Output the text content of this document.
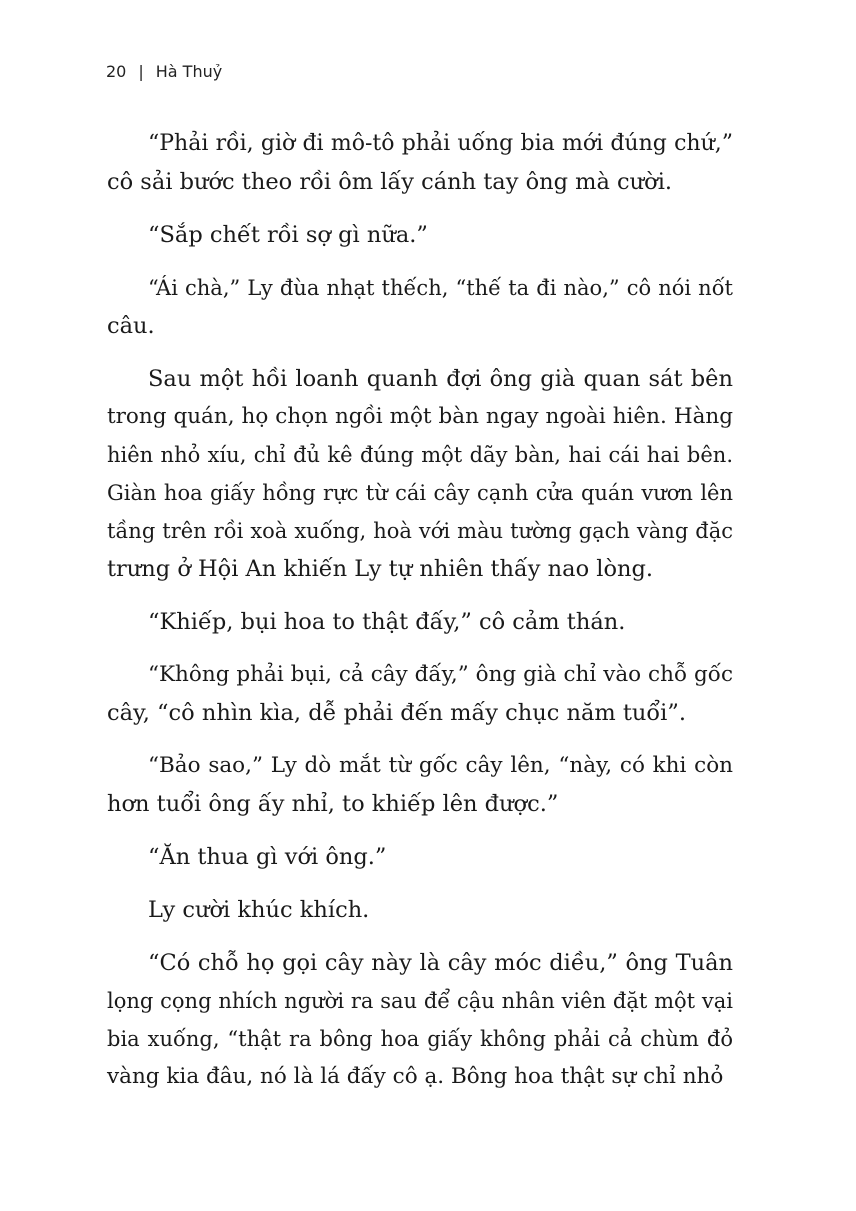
20 | Hà Thuỷ
“Phải rồi, giờ đi mô-tô phải uống bia mới đúng chứ,”
cô sải bước theo rồi ôm lấy cánh tay ông mà cười.
“Sắp chết rồi sợ gì nữa.”
“Ái chà,” Ly đùa nhạt thếch, “thế ta đi nào,” cô nói nốt
câu.
Sau một hồi loanh quanh đợi ông già quan sát bên
trong quán, họ chọn ngồi một bàn ngay ngoài hiên. Hàng
hiên nhỏ xíu, chỉ đủ kê đúng một dãy bàn, hai cái hai bên.
Giàn hoa giấy hồng rực từ cái cây cạnh cửa quán vươn lên
tầng trên rồi xoà xuống, hoà với màu tường gạch vàng đặc
trưng ở Hội An khiến Ly tự nhiên thấy nao lòng.
“Khiếp, bụi hoa to thật đấy,” cô cảm thán.
“Không phải bụi, cả cây đấy,” ông già chỉ vào chỗ gốc
cây, “cô nhìn kìa, dễ phải đến mấy chục năm tuổi”.
“Bảo sao,” Ly dò mắt từ gốc cây lên, “này, có khi còn
hơn tuổi ông ấy nhỉ, to khiếp lên được.”
“Ăn thua gì với ông.”
Ly cười khúc khích.
“Có chỗ họ gọi cây này là cây móc diều,” ông Tuân
lọng cọng nhích người ra sau để cậu nhân viên đặt một vại
bia xuống, “thật ra bông hoa giấy không phải cả chùm đỏ
vàng kia đâu, nó là lá đấy cô ạ. Bông hoa thật sự chỉ nhỏ
